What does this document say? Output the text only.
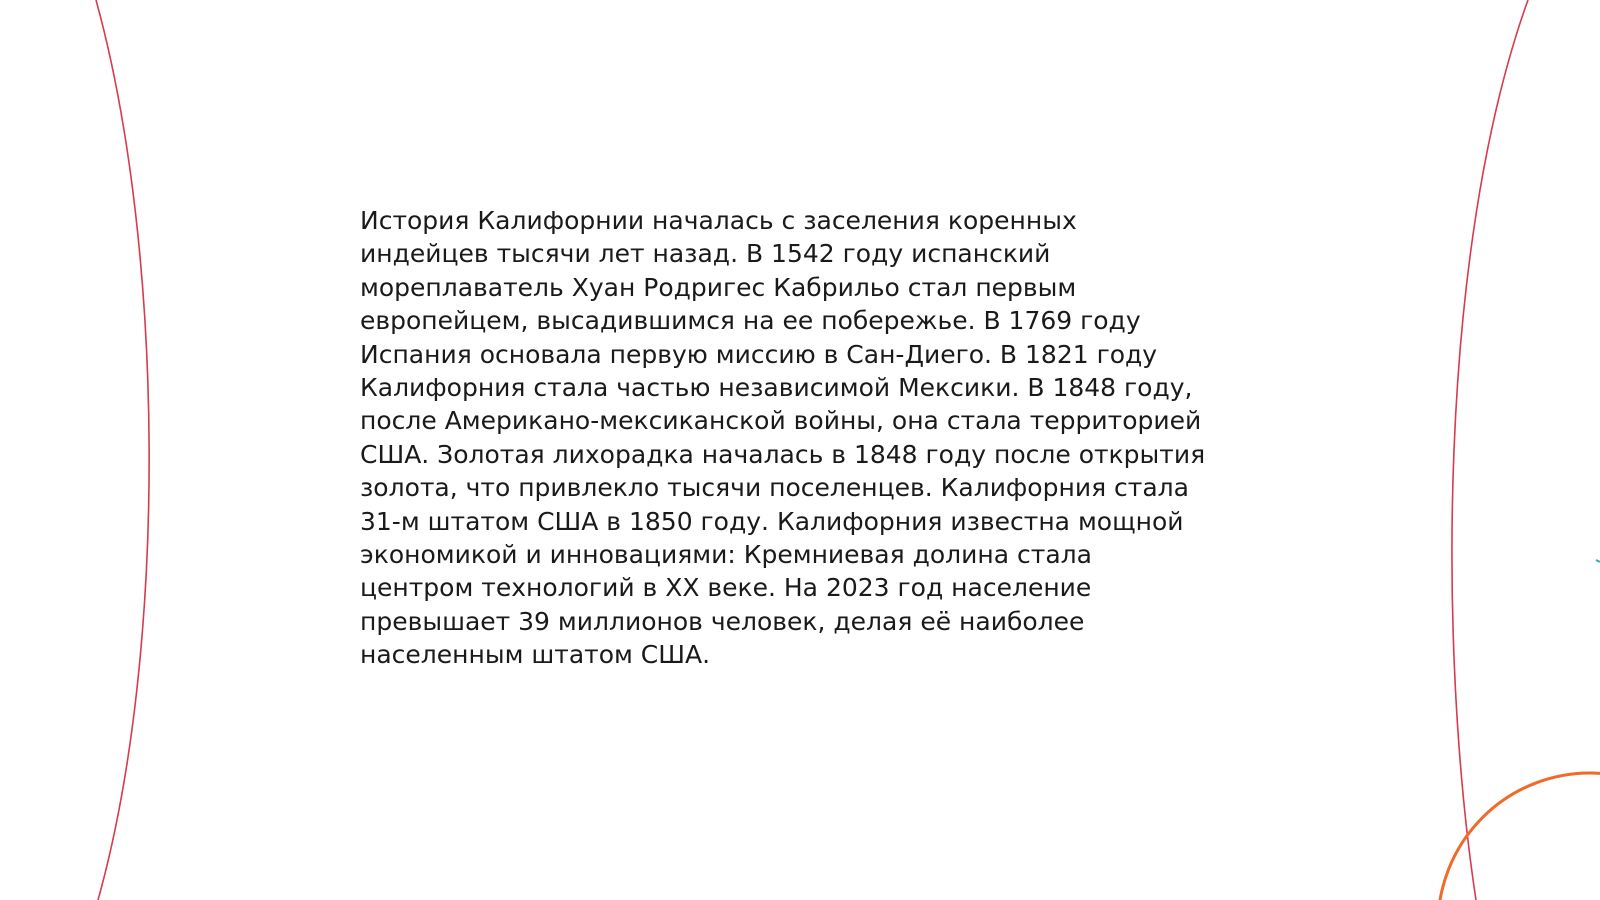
История Калифорнии началась с заселения коренных
индейцев тысячи лет назад. В 1542 году испанский
мореплаватель Хуан Родригес Кабрильо стал первым
европейцем, высадившимся на ее побережье. В 1769 году
Испания основала первую миссию в Сан-Диего. В 1821 году
Калифорния стала частью независимой Мексики. В 1848 году,
после Американо-мексиканской войны, она стала территорией
США. Золотая лихорадка началась в 1848 году после открытия
золота, что привлекло тысячи поселенцев. Калифорния стала
31-м штатом США в 1850 году. Калифорния известна мощной
экономикой и инновациями: Кремниевая долина стала
центром технологий в XX веке. На 2023 год население
превышает 39 миллионов человек, делая её наиболее
населенным штатом США.
